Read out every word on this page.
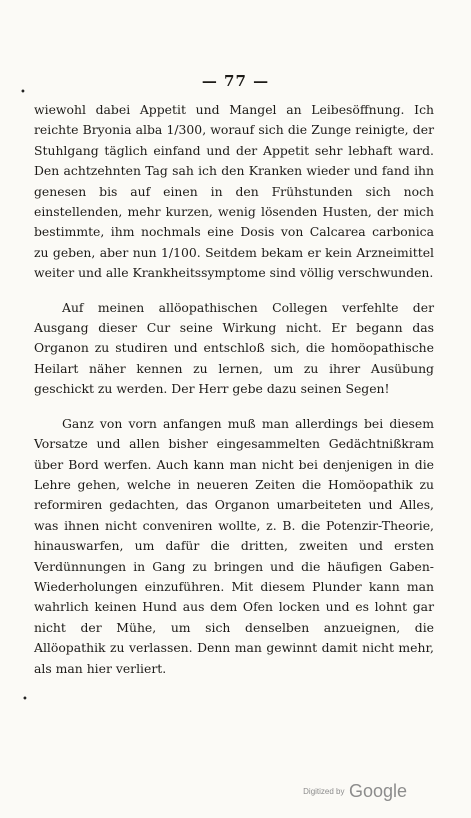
— 77 —
•

wiewohl dabei Appetit und Mangel an Leibesöffnung. Ich reichte Bryonia alba 1/300, worauf sich die Zunge reinigte, der Stuhlgang täglich einfand und der Appetit sehr lebhaft ward. Den achtzehnten Tag sah ich den Kranken wieder und fand ihn genesen bis auf einen in den Frühstunden sich noch einstellenden, mehr kurzen, wenig lösenden Husten, der mich bestimmte, ihm nochmals eine Dosis von Calcarea carbonica zu geben, aber nun 1/100. Seitdem bekam er kein Arzneimittel weiter und alle Krankheitssymptome sind völlig verschwunden.

Auf meinen allöopathischen Collegen verfehlte der Ausgang dieser Cur seine Wirkung nicht. Er begann das Organon zu studiren und entschloß sich, die homöopathische Heilart näher kennen zu lernen, um zu ihrer Ausübung geschickt zu werden. Der Herr gebe dazu seinen Segen!

Ganz von vorn anfangen muß man allerdings bei diesem Vorsatze und allen bisher eingesammelten Gedächtnißkram über Bord werfen. Auch kann man nicht bei denjenigen in die Lehre gehen, welche in neueren Zeiten die Homöopathik zu reformiren gedachten, das Organon umarbeiteten und Alles, was ihnen nicht conveniren wollte, z. B. die Potenzir-Theorie, hinauswarfen, um dafür die dritten, zweiten und ersten Verdünnungen in Gang zu bringen und die häufigen Gaben-Wiederholungen einzuführen. Mit diesem Plunder kann man wahrlich keinen Hund aus dem Ofen locken und es lohnt gar nicht der Mühe, um sich denselben anzueignen, die Allöopathik zu verlassen. Denn man gewinnt damit nicht mehr, als man hier verliert.

•
Digitized by Google
